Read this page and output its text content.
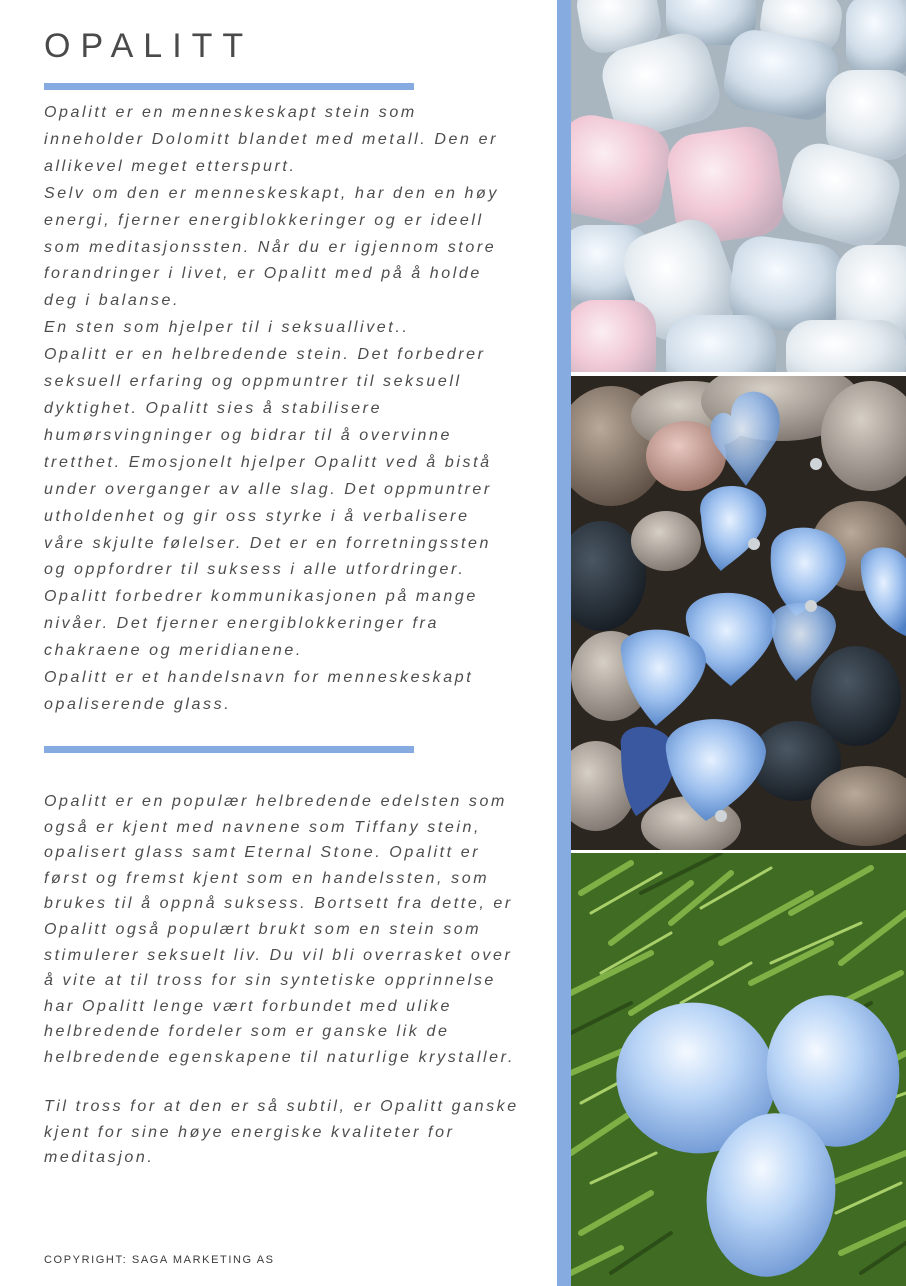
OPALITT

Opalitt er en menneskeskapt stein som

inneholder Dolomitt blandet med metall. Den er

allikevel meget etterspurt.

Selv om den er menneskeskapt, har den en høy

energi, fjerner energiblokkeringer og er ideell

som meditasjonssten. Når du er igjennom store

forandringer i livet, er Opalitt med på å holde

deg i balanse.

En sten som hjelper til i seksuallivet..

Opalitt er en helbredende stein. Det forbedrer

seksuell erfaring og oppmuntrer til seksuell

dyktighet. Opalitt sies å stabilisere

humørsvingninger og bidrar til å overvinne

tretthet. Emosjonelt hjelper Opalitt ved å bistå

under overganger av alle slag. Det oppmuntrer

utholdenhet og gir oss styrke i å verbalisere

våre skjulte følelser. Det er en forretningssten

og oppfordrer til suksess i alle utfordringer.

Opalitt forbedrer kommunikasjonen på mange

nivåer. Det fjerner energiblokkeringer fra

chakraene og meridianene.

Opalitt er et handelsnavn for menneskeskapt

opaliserende glass.

Opalitt er en populær helbredende edelsten som

også er kjent med navnene som Tiffany stein,

opalisert glass samt Eternal Stone. Opalitt er

først og fremst kjent som en handelssten, som

brukes til å oppnå suksess. Bortsett fra dette, er

Opalitt også populært brukt som en stein som

stimulerer seksuelt liv. Du vil bli overrasket over

å vite at til tross for sin syntetiske opprinnelse

har Opalitt lenge vært forbundet med ulike

helbredende fordeler som er ganske lik de

helbredende egenskapene til naturlige krystaller.

Til tross for at den er så subtil, er Opalitt ganske

kjent for sine høye energiske kvaliteter for

meditasjon.

COPYRIGHT: SAGA MARKETING AS
